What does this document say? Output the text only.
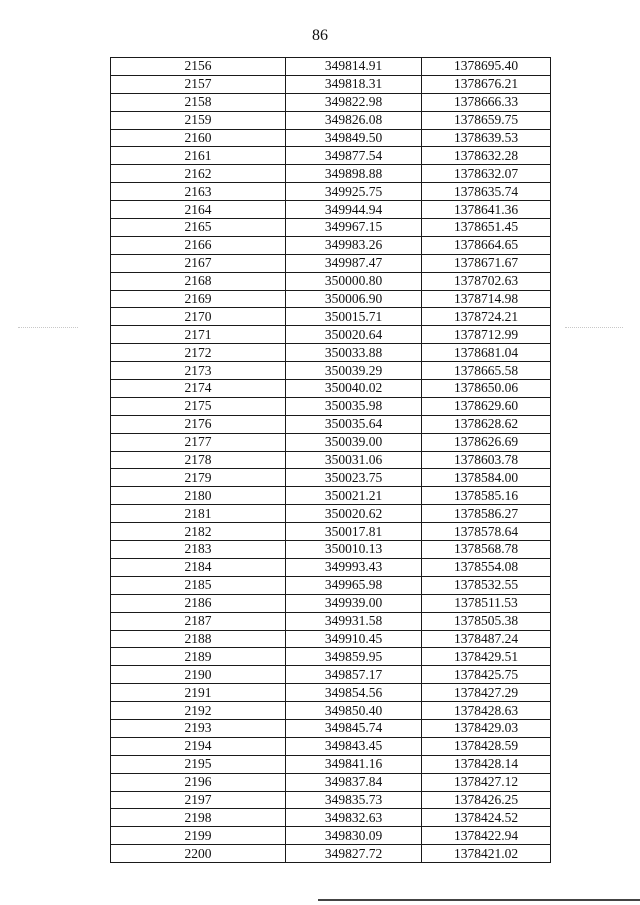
86
2156	349814.91	1378695.40
2157	349818.31	1378676.21
2158	349822.98	1378666.33
2159	349826.08	1378659.75
2160	349849.50	1378639.53
2161	349877.54	1378632.28
2162	349898.88	1378632.07
2163	349925.75	1378635.74
2164	349944.94	1378641.36
2165	349967.15	1378651.45
2166	349983.26	1378664.65
2167	349987.47	1378671.67
2168	350000.80	1378702.63
2169	350006.90	1378714.98
2170	350015.71	1378724.21
2171	350020.64	1378712.99
2172	350033.88	1378681.04
2173	350039.29	1378665.58
2174	350040.02	1378650.06
2175	350035.98	1378629.60
2176	350035.64	1378628.62
2177	350039.00	1378626.69
2178	350031.06	1378603.78
2179	350023.75	1378584.00
2180	350021.21	1378585.16
2181	350020.62	1378586.27
2182	350017.81	1378578.64
2183	350010.13	1378568.78
2184	349993.43	1378554.08
2185	349965.98	1378532.55
2186	349939.00	1378511.53
2187	349931.58	1378505.38
2188	349910.45	1378487.24
2189	349859.95	1378429.51
2190	349857.17	1378425.75
2191	349854.56	1378427.29
2192	349850.40	1378428.63
2193	349845.74	1378429.03
2194	349843.45	1378428.59
2195	349841.16	1378428.14
2196	349837.84	1378427.12
2197	349835.73	1378426.25
2198	349832.63	1378424.52
2199	349830.09	1378422.94
2200	349827.72	1378421.02
